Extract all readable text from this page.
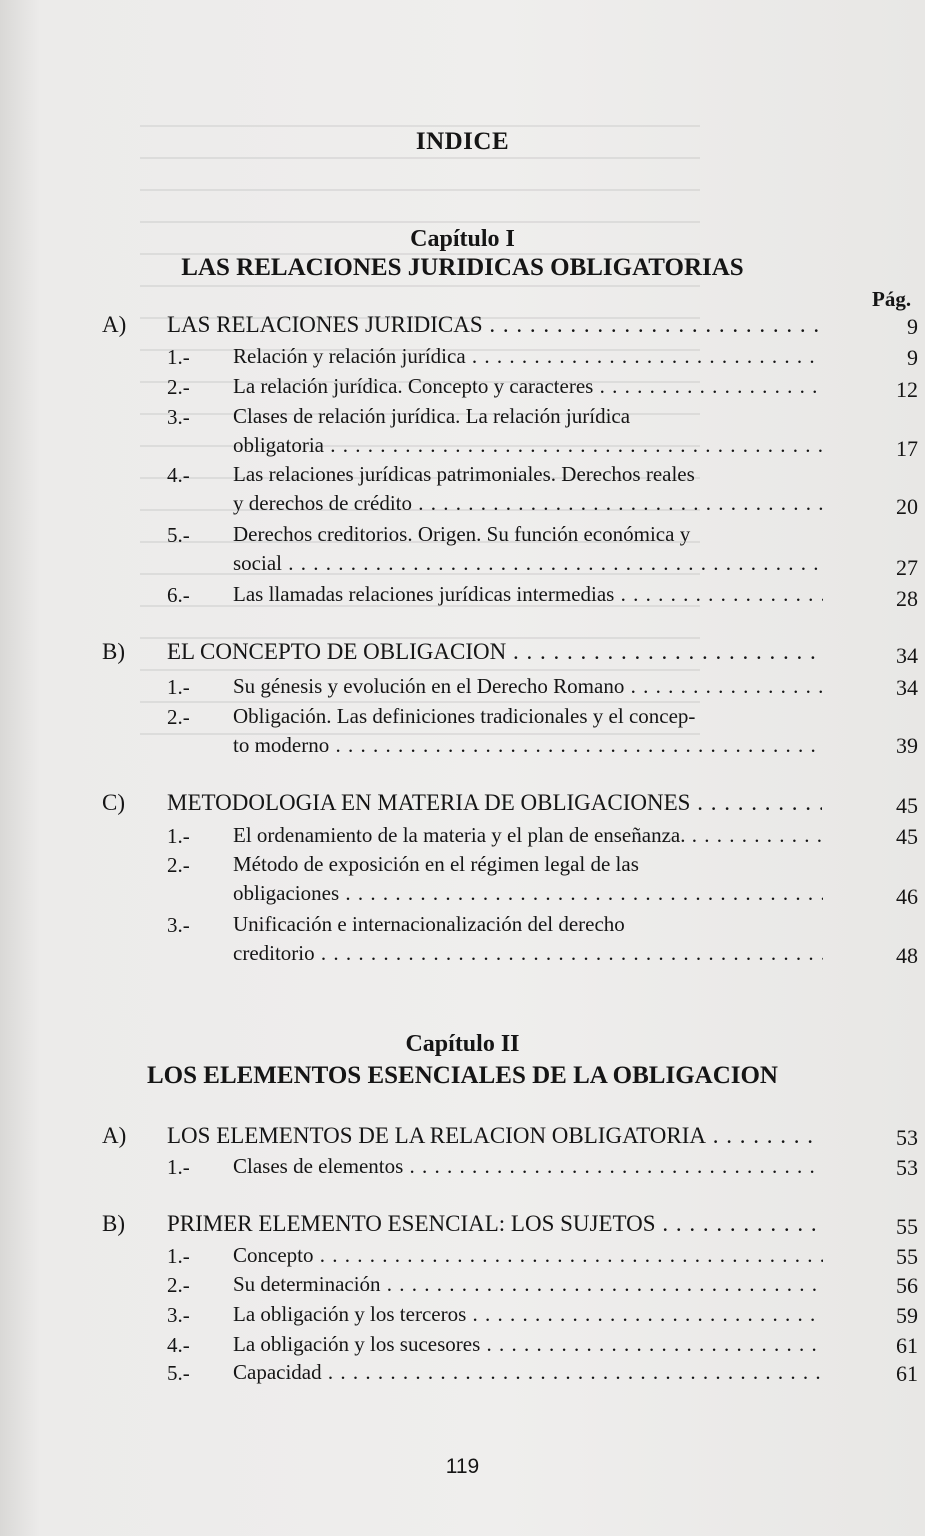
INDICE
Capítulo I
LAS RELACIONES JURIDICAS OBLIGATORIAS
Pág.
A) LAS RELACIONES JURIDICAS . . .	9
1.- Relación y relación jurídica . . .	9
2.- La relación jurídica. Concepto y caracteres . . .	12
3.- Clases de relación jurídica. La relación jurídica
obligatoria . . .	17
4.- Las relaciones jurídicas patrimoniales. Derechos reales
y derechos de crédito . . .	20
5.- Derechos creditorios. Origen. Su función económica y
social . . .	27
6.- Las llamadas relaciones jurídicas intermedias . . .	28
B) EL CONCEPTO DE OBLIGACION . . .	34
1.- Su génesis y evolución en el Derecho Romano . . .	34
2.- Obligación. Las definiciones tradicionales y el concep-
to moderno . . .	39
C) METODOLOGIA EN MATERIA DE OBLIGACIONES . . .	45
1.- El ordenamiento de la materia y el plan de enseñanza. . . .	45
2.- Método de exposición en el régimen legal de las
obligaciones . . .	46
3.- Unificación e internacionalización del derecho
creditorio . . .	48
Capítulo II
LOS ELEMENTOS ESENCIALES DE LA OBLIGACION
A) LOS ELEMENTOS DE LA RELACION OBLIGATORIA . . .	53
1.- Clases de elementos . . .	53
B) PRIMER ELEMENTO ESENCIAL: LOS SUJETOS . . .	55
1.- Concepto . . .	55
2.- Su determinación . . .	56
3.- La obligación y los terceros . . .	59
4.- La obligación y los sucesores . . .	61
5.- Capacidad . . .	61
119
